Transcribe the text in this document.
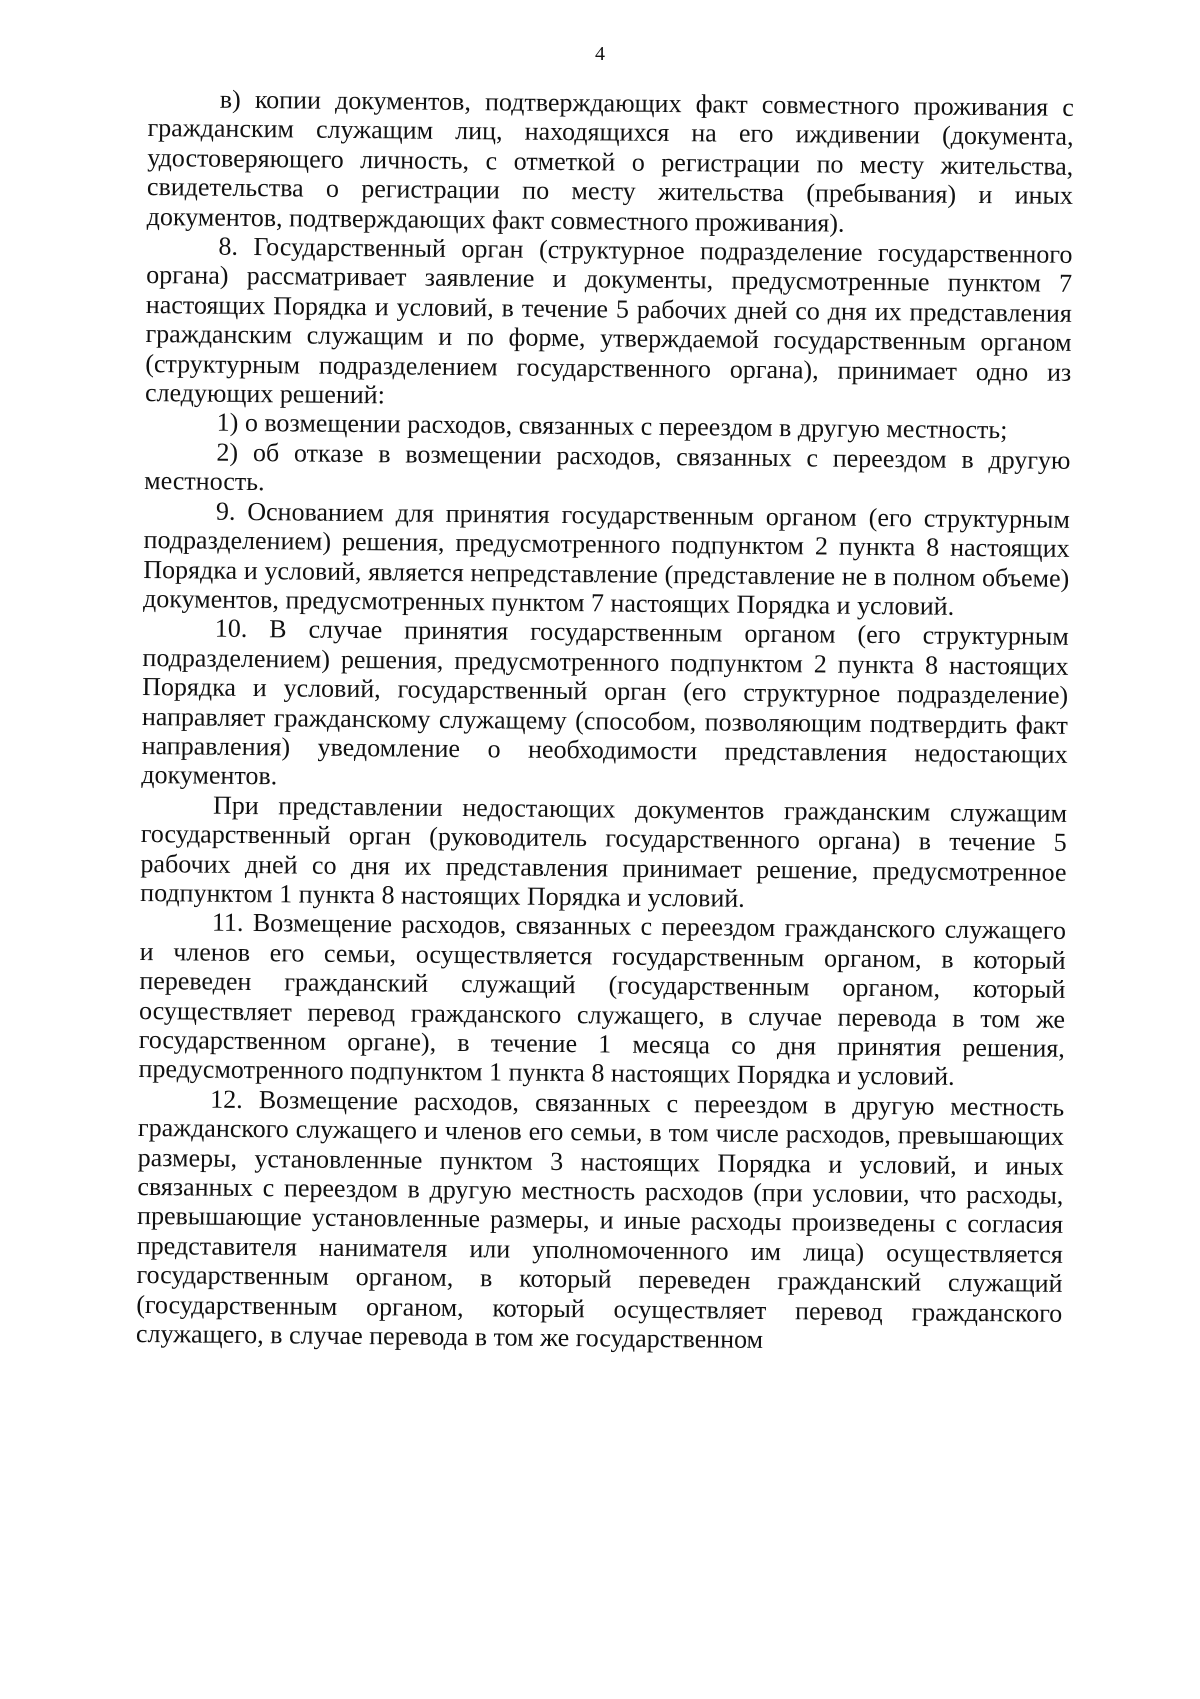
4

в) копии документов, подтверждающих факт совместного проживания с гражданским служащим лиц, находящихся на его иждивении (документа, удостоверяющего личность, с отметкой о регистрации по месту жительства, свидетельства о регистрации по месту жительства (пребывания) и иных документов, подтверждающих факт совместного проживания).

8. Государственный орган (структурное подразделение государственного органа) рассматривает заявление и документы, предусмотренные пунктом 7 настоящих Порядка и условий, в течение 5 рабочих дней со дня их представления гражданским служащим и по форме, утверждаемой государственным органом (структурным подразделением государственного органа), принимает одно из следующих решений:

1) о возмещении расходов, связанных с переездом в другую местность;

2) об отказе в возмещении расходов, связанных с переездом в другую местность.

9. Основанием для принятия государственным органом (его структурным подразделением) решения, предусмотренного подпунктом 2 пункта 8 настоящих Порядка и условий, является непредставление (представление не в полном объеме) документов, предусмотренных пунктом 7 настоящих Порядка и условий.

10. В случае принятия государственным органом (его структурным подразделением) решения, предусмотренного подпунктом 2 пункта 8 настоящих Порядка и условий, государственный орган (его структурное подразделение) направляет гражданскому служащему (способом, позволяющим подтвердить факт направления) уведомление о необходимости представления недостающих документов.

При представлении недостающих документов гражданским служащим государственный орган (руководитель государственного органа) в течение 5 рабочих дней со дня их представления принимает решение, предусмотренное подпунктом 1 пункта 8 настоящих Порядка и условий.

11. Возмещение расходов, связанных с переездом гражданского служащего и членов его семьи, осуществляется государственным органом, в который переведен гражданский служащий (государственным органом, который осуществляет перевод гражданского служащего, в случае перевода в том же государственном органе), в течение 1 месяца со дня принятия решения, предусмотренного подпунктом 1 пункта 8 настоящих Порядка и условий.

12. Возмещение расходов, связанных с переездом в другую местность гражданского служащего и членов его семьи, в том числе расходов, превышающих размеры, установленные пунктом 3 настоящих Порядка и условий, и иных связанных с переездом в другую местность расходов (при условии, что расходы, превышающие установленные размеры, и иные расходы произведены с согласия представителя нанимателя или уполномоченного им лица) осуществляется государственным органом, в который переведен гражданский служащий (государственным органом, который осуществляет перевод гражданского служащего, в случае перевода в том же государственном
